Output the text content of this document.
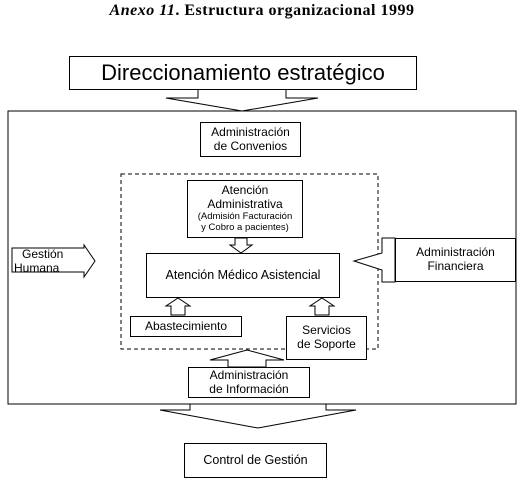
Anexo 11. Estructura organizacional 1999
Direccionamiento estratégico
Administración
de Convenios
Atención
Administrativa
(Admisión Facturación
y Cobro a pacientes)
Atención Médico Asistencial
Abastecimiento	Servicios
de Soporte
Administración
de Información
Control de Gestión
Gestión
Humana
Administración
Financiera
